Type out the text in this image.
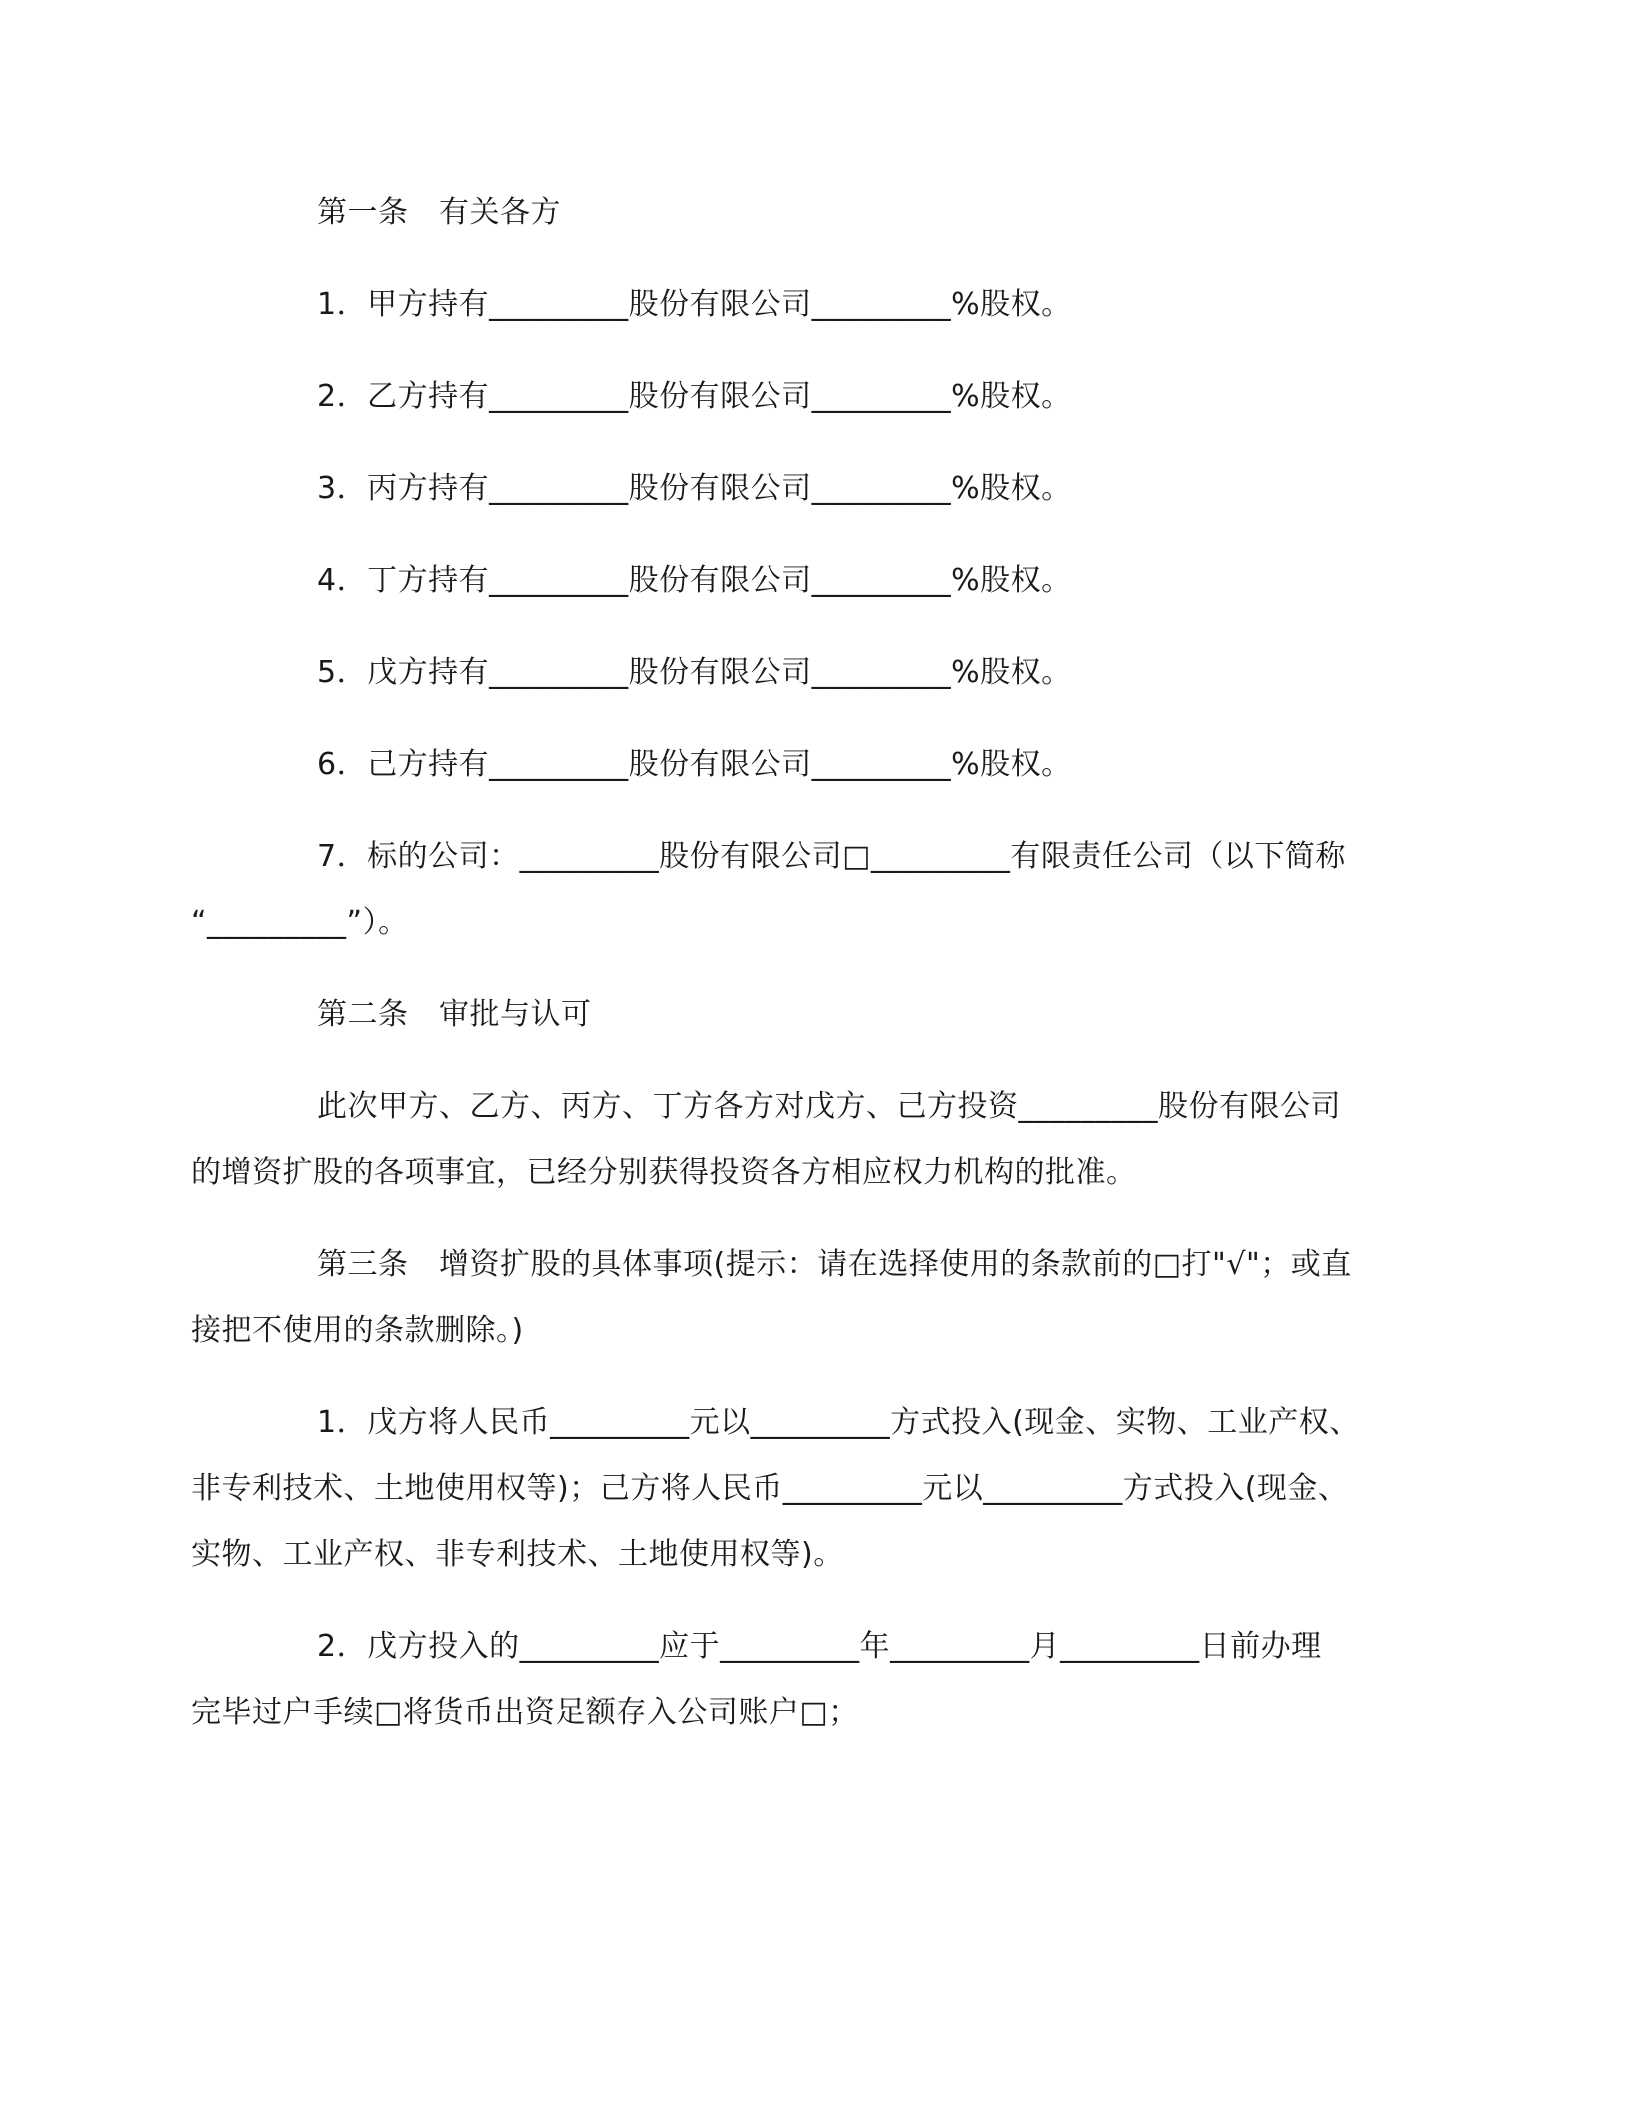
第一条　有关各方
1．甲方持有_________股份有限公司_________%股权。
2．乙方持有_________股份有限公司_________%股权。
3．丙方持有_________股份有限公司_________%股权。
4．丁方持有_________股份有限公司_________%股权。
5．戊方持有_________股份有限公司_________%股权。
6．己方持有_________股份有限公司_________%股权。
7．标的公司：_________股份有限公司□_________有限责任公司（以下简称
“_________”）。
第二条　审批与认可
此次甲方、乙方、丙方、丁方各方对戊方、己方投资_________股份有限公司
的增资扩股的各项事宜，已经分别获得投资各方相应权力机构的批准。
第三条　增资扩股的具体事项(提示：请在选择使用的条款前的□打"√"；或直
接把不使用的条款删除。)
1．戊方将人民币_________元以_________方式投入(现金、实物、工业产权、
非专利技术、土地使用权等)；己方将人民币_________元以_________方式投入(现金、
实物、工业产权、非专利技术、土地使用权等)。
2．戊方投入的_________应于_________年_________月_________日前办理
完毕过户手续□将货币出资足额存入公司账户□；
